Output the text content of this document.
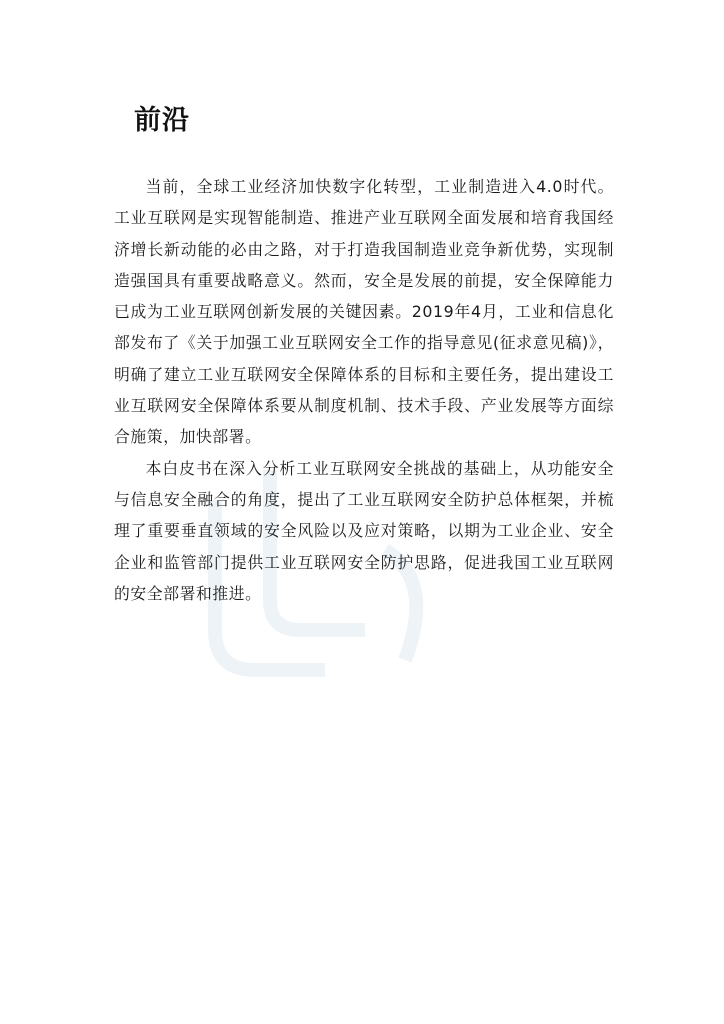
前沿

当前，全球工业经济加快数字化转型，工业制造进入4.0时代。工业互联网是实现智能制造、推进产业互联网全面发展和培育我国经济增长新动能的必由之路，对于打造我国制造业竞争新优势，实现制造强国具有重要战略意义。然而，安全是发展的前提，安全保障能力已成为工业互联网创新发展的关键因素。2019年4月，工业和信息化部发布了《关于加强工业互联网安全工作的指导意见(征求意见稿)》，明确了建立工业互联网安全保障体系的目标和主要任务，提出建设工业互联网安全保障体系要从制度机制、技术手段、产业发展等方面综合施策，加快部署。

本白皮书在深入分析工业互联网安全挑战的基础上，从功能安全与信息安全融合的角度，提出了工业互联网安全防护总体框架，并梳理了重要垂直领域的安全风险以及应对策略，以期为工业企业、安全企业和监管部门提供工业互联网安全防护思路，促进我国工业互联网的安全部署和推进。
